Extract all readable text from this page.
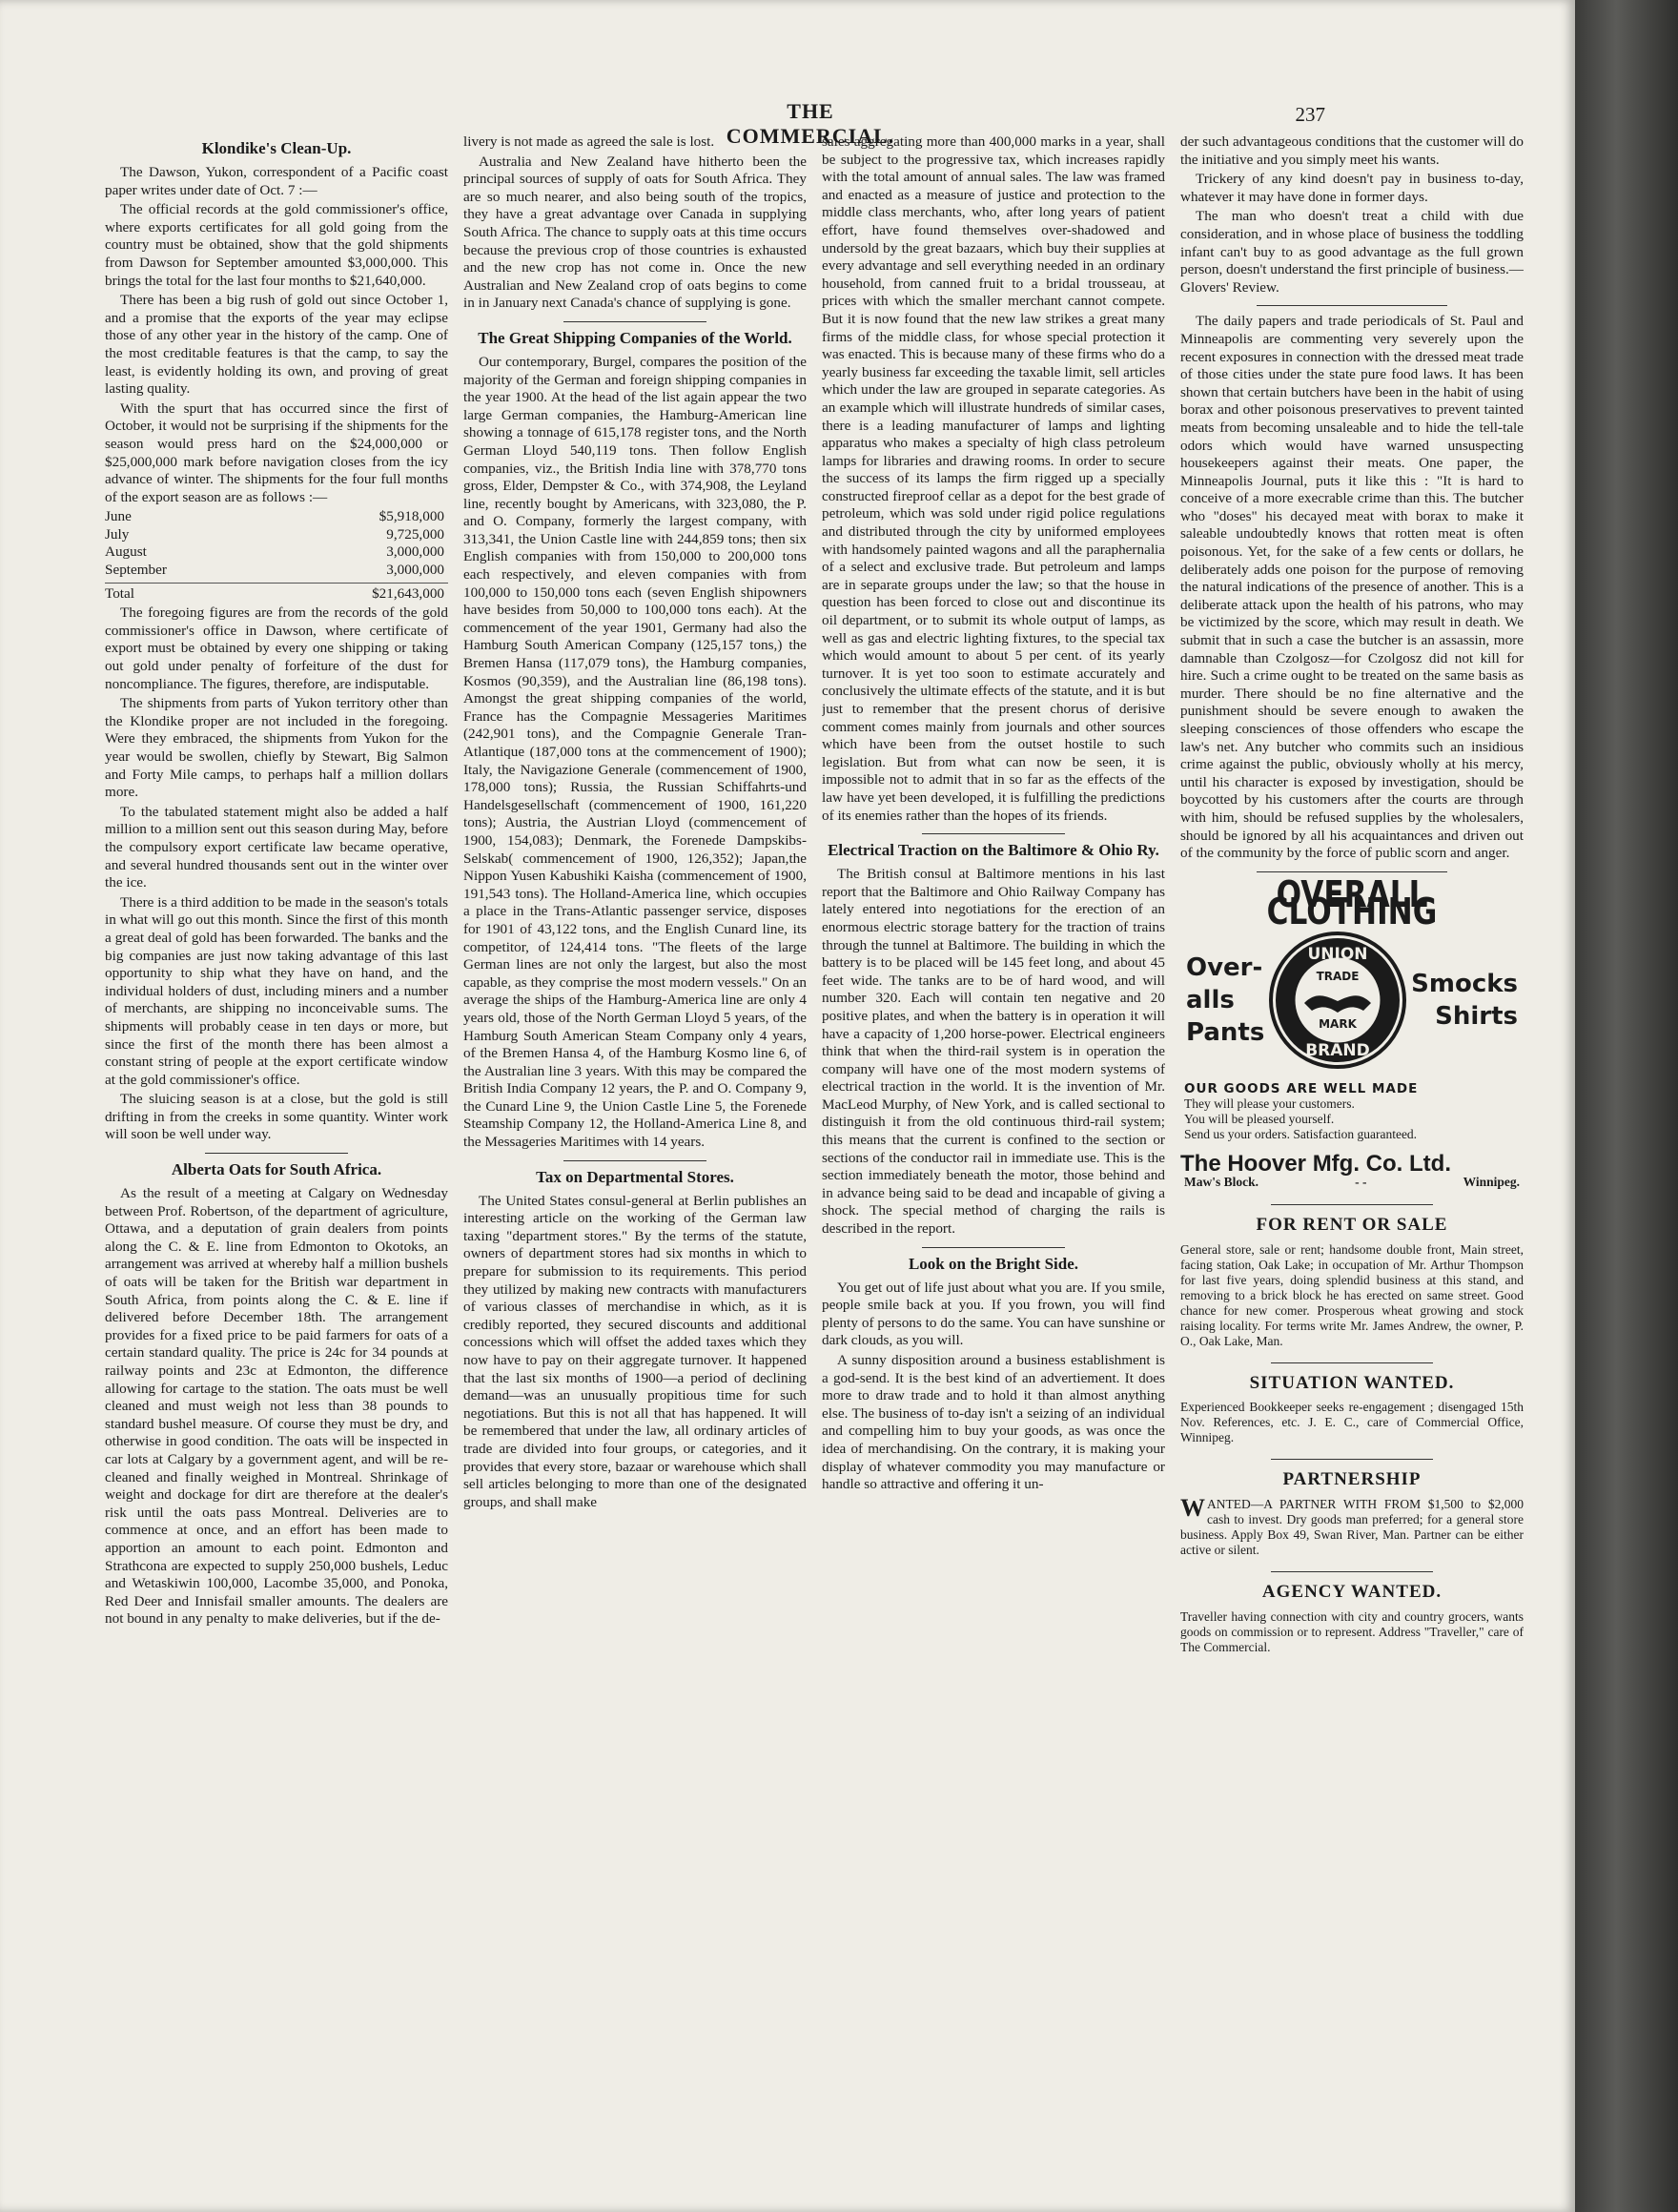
THE COMMERCIAL.
237
Klondike's Clean-Up.

The Dawson, Yukon, correspondent of a Pacific coast paper writes under date of Oct. 7 :—

The official records at the gold commissioner's office, where exports certificates for all gold going from the country must be obtained, show that the gold shipments from Dawson for September amounted $3,000,000. This brings the total for the last four months to $21,640,000.

There has been a big rush of gold out since October 1, and a promise that the exports of the year may eclipse those of any other year in the history of the camp. One of the most creditable features is that the camp, to say the least, is evidently holding its own, and proving of great lasting quality.

With the spurt that has occurred since the first of October, it would not be surprising if the shipments for the season would press hard on the $24,000,000 or $25,000,000 mark before navigation closes from the icy advance of winter. The shipments for the four full months of the export season are as follows :—

June	$5,918,000
July	9,725,000
August	3,000,000
September	3,000,000
Total	$21,643,000

The foregoing figures are from the records of the gold commissioner's office in Dawson, where certificate of export must be obtained by every one shipping or taking out gold under penalty of forfeiture of the dust for noncompliance. The figures, therefore, are indisputable.

The shipments from parts of Yukon territory other than the Klondike proper are not included in the foregoing. Were they embraced, the shipments from Yukon for the year would be swollen, chiefly by Stewart, Big Salmon and Forty Mile camps, to perhaps half a million dollars more.

To the tabulated statement might also be added a half million to a million sent out this season during May, before the compulsory export certificate law became operative, and several hundred thousands sent out in the winter over the ice.

There is a third addition to be made in the season's totals in what will go out this month. Since the first of this month a great deal of gold has been forwarded. The banks and the big companies are just now taking advantage of this last opportunity to ship what they have on hand, and the individual holders of dust, including miners and a number of merchants, are shipping no inconceivable sums. The shipments will probably cease in ten days or more, but since the first of the month there has been almost a constant string of people at the export certificate window at the gold commissioner's office.

The sluicing season is at a close, but the gold is still drifting in from the creeks in some quantity. Winter work will soon be well under way.

Alberta Oats for South Africa.

As the result of a meeting at Calgary on Wednesday between Prof. Robertson, of the department of agriculture, Ottawa, and a deputation of grain dealers from points along the C. & E. line from Edmonton to Okotoks, an arrangement was arrived at whereby half a million bushels of oats will be taken for the British war department in South Africa, from points along the C. & E. line if delivered before December 18th. The arrangement provides for a fixed price to be paid farmers for oats of a certain standard quality. The price is 24c for 34 pounds at railway points and 23c at Edmonton, the difference allowing for cartage to the station. The oats must be well cleaned and must weigh not less than 38 pounds to standard bushel measure. Of course they must be dry, and otherwise in good condition. The oats will be inspected in car lots at Calgary by a government agent, and will be re-cleaned and finally weighed in Montreal. Shrinkage of weight and dockage for dirt are therefore at the dealer's risk until the oats pass Montreal. Deliveries are to commence at once, and an effort has been made to apportion an amount to each point. Edmonton and Strathcona are expected to supply 250,000 bushels, Leduc and Wetaskiwin 100,000, Lacombe 35,000, and Ponoka, Red Deer and Innisfail smaller amounts. The dealers are not bound in any penalty to make deliveries, but if the de-

livery is not made as agreed the sale is lost.

Australia and New Zealand have hitherto been the principal sources of supply of oats for South Africa. They are so much nearer, and also being south of the tropics, they have a great advantage over Canada in supplying South Africa. The chance to supply oats at this time occurs because the previous crop of those countries is exhausted and the new crop has not come in. Once the new Australian and New Zealand crop of oats begins to come in in January next Canada's chance of supplying is gone.

The Great Shipping Companies of the World.

Our contemporary, Burgel, compares the position of the majority of the German and foreign shipping companies in the year 1900. At the head of the list again appear the two large German companies, the Hamburg-American line showing a tonnage of 615,178 register tons, and the North German Lloyd 540,119 tons. Then follow English companies, viz., the British India line with 378,770 tons gross, Elder, Dempster & Co., with 374,908, the Leyland line, recently bought by Americans, with 323,080, the P. and O. Company, formerly the largest company, with 313,341, the Union Castle line with 244,859 tons; then six English companies with from 150,000 to 200,000 tons each respectively, and eleven companies with from 100,000 to 150,000 tons each (seven English shipowners have besides from 50,000 to 100,000 tons each). At the commencement of the year 1901, Germany had also the Hamburg South American Company (125,157 tons,) the Bremen Hansa (117,079 tons), the Hamburg companies, Kosmos (90,359), and the Australian line (86,198 tons). Amongst the great shipping companies of the world, France has the Compagnie Messageries Maritimes (242,901 tons), and the Compagnie Generale Tran-Atlantique (187,000 tons at the commencement of 1900); Italy, the Navigazione Generale (commencement of 1900, 178,000 tons); Russia, the Russian Schiffahrts-und Handelsgesellschaft (commencement of 1900, 161,220 tons); Austria, the Austrian Lloyd (commencement of 1900, 154,083); Denmark, the Forenede Dampskibs-Selskab( commencement of 1900, 126,352); Japan,the Nippon Yusen Kabushiki Kaisha (commencement of 1900, 191,543 tons). The Holland-America line, which occupies a place in the Trans-Atlantic passenger service, disposes for 1901 of 43,122 tons, and the English Cunard line, its competitor, of 124,414 tons. "The fleets of the large German lines are not only the largest, but also the most capable, as they comprise the most modern vessels." On an average the ships of the Hamburg-America line are only 4 years old, those of the North German Lloyd 5 years, of the Hamburg South American Steam Company only 4 years, of the Bremen Hansa 4, of the Hamburg Kosmo line 6, of the Australian line 3 years. With this may be compared the British India Company 12 years, the P. and O. Company 9, the Cunard Line 9, the Union Castle Line 5, the Forenede Steamship Company 12, the Holland-America Line 8, and the Messageries Maritimes with 14 years.

Tax on Departmental Stores.

The United States consul-general at Berlin publishes an interesting article on the working of the German law taxing "department stores." By the terms of the statute, owners of department stores had six months in which to prepare for submission to its requirements. This period they utilized by making new contracts with manufacturers of various classes of merchandise in which, as it is credibly reported, they secured discounts and additional concessions which will offset the added taxes which they now have to pay on their aggregate turnover. It happened that the last six months of 1900—a period of declining demand—was an unusually propitious time for such negotiations. But this is not all that has happened. It will be remembered that under the law, all ordinary articles of trade are divided into four groups, or categories, and it provides that every store, bazaar or warehouse which shall sell articles belonging to more than one of the designated groups, and shall make

sales aggregating more than 400,000 marks in a year, shall be subject to the progressive tax, which increases rapidly with the total amount of annual sales. The law was framed and enacted as a measure of justice and protection to the middle class merchants, who, after long years of patient effort, have found themselves over-shadowed and undersold by the great bazaars, which buy their supplies at every advantage and sell everything needed in an ordinary household, from canned fruit to a bridal trousseau, at prices with which the smaller merchant cannot compete. But it is now found that the new law strikes a great many firms of the middle class, for whose special protection it was enacted. This is because many of these firms who do a yearly business far exceeding the taxable limit, sell articles which under the law are grouped in separate categories. As an example which will illustrate hundreds of similar cases, there is a leading manufacturer of lamps and lighting apparatus who makes a specialty of high class petroleum lamps for libraries and drawing rooms. In order to secure the success of its lamps the firm rigged up a specially constructed fireproof cellar as a depot for the best grade of petroleum, which was sold under rigid police regulations and distributed through the city by uniformed employees with handsomely painted wagons and all the paraphernalia of a select and exclusive trade. But petroleum and lamps are in separate groups under the law; so that the house in question has been forced to close out and discontinue its oil department, or to submit its whole output of lamps, as well as gas and electric lighting fixtures, to the special tax which would amount to about 5 per cent. of its yearly turnover. It is yet too soon to estimate accurately and conclusively the ultimate effects of the statute, and it is but just to remember that the present chorus of derisive comment comes mainly from journals and other sources which have been from the outset hostile to such legislation. But from what can now be seen, it is impossible not to admit that in so far as the effects of the law have yet been developed, it is fulfilling the predictions of its enemies rather than the hopes of its friends.

Electrical Traction on the Baltimore & Ohio Ry.

The British consul at Baltimore mentions in his last report that the Baltimore and Ohio Railway Company has lately entered into negotiations for the erection of an enormous electric storage battery for the traction of trains through the tunnel at Baltimore. The building in which the battery is to be placed will be 145 feet long, and about 45 feet wide. The tanks are to be of hard wood, and will number 320. Each will contain ten negative and 20 positive plates, and when the battery is in operation it will have a capacity of 1,200 horse-power. Electrical engineers think that when the third-rail system is in operation the company will have one of the most modern systems of electrical traction in the world. It is the invention of Mr. MacLeod Murphy, of New York, and is called sectional to distinguish it from the old continuous third-rail system; this means that the current is confined to the section or sections of the conductor rail in immediate use. This is the section immediately beneath the motor, those behind and in advance being said to be dead and incapable of giving a shock. The special method of charging the rails is described in the report.

Look on the Bright Side.

You get out of life just about what you are. If you smile, people smile back at you. If you frown, you will find plenty of persons to do the same. You can have sunshine or dark clouds, as you will.

A sunny disposition around a business establishment is a god-send. It is the best kind of an advertiement. It does more to draw trade and to hold it than almost anything else. The business of to-day isn't a seizing of an individual and compelling him to buy your goods, as was once the idea of merchandising. On the contrary, it is making your display of whatever commodity you may manufacture or handle so attractive and offering it un-

der such advantageous conditions that the customer will do the initiative and you simply meet his wants.

Trickery of any kind doesn't pay in business to-day, whatever it may have done in former days.

The man who doesn't treat a child with due consideration, and in whose place of business the toddling infant can't buy to as good advantage as the full grown person, doesn't understand the first principle of business.—Glovers' Review.

The daily papers and trade periodicals of St. Paul and Minneapolis are commenting very severely upon the recent exposures in connection with the dressed meat trade of those cities under the state pure food laws. It has been shown that certain butchers have been in the habit of using borax and other poisonous preservatives to prevent tainted meats from becoming unsaleable and to hide the tell-tale odors which would have warned unsuspecting housekeepers against their meats. One paper, the Minneapolis Journal, puts it like this : "It is hard to conceive of a more execrable crime than this. The butcher who "doses" his decayed meat with borax to make it saleable undoubtedly knows that rotten meat is often poisonous. Yet, for the sake of a few cents or dollars, he deliberately adds one poison for the purpose of removing the natural indications of the presence of another. This is a deliberate attack upon the health of his patrons, who may be victimized by the score, which may result in death. We submit that in such a case the butcher is an assassin, more damnable than Czolgosz—for Czolgosz did not kill for hire. Such a crime ought to be treated on the same basis as murder. There should be no fine alternative and the punishment should be severe enough to awaken the sleeping consciences of those offenders who escape the law's net. Any butcher who commits such an insidious crime against the public, obviously wholly at his mercy, until his character is exposed by investigation, should be boycotted by his customers after the courts are through with him, should be refused supplies by the wholesalers, should be ignored by all his acquaintances and driven out of the community by the force of public scorn and anger.

OVERALL CLOTHING
Over-
alls
Pants
UNION
BRAND
TRADE
MARK
Smocks
Shirts
OUR GOODS ARE WELL MADE
They will please your customers.
You will be pleased yourself.
Send us your orders. Satisfaction guaranteed.
The Hoover Mfg. Co. Ltd.
Maw's Block.	- -	Winnipeg.
FOR RENT OR SALE
General store, sale or rent; handsome double front, Main street, facing station, Oak Lake; in occupation of Mr. Arthur Thompson for last five years, doing splendid business at this stand, and removing to a brick block he has erected on same street. Good chance for new comer. Prosperous wheat growing and stock raising locality. For terms write Mr. James Andrew, the owner, P. O., Oak Lake, Man.
SITUATION WANTED.
Experienced Bookkeeper seeks re-engagement ; disengaged 15th Nov. References, etc. J. E. C., care of Commercial Office, Winnipeg.
PARTNERSHIP
WANTED—A PARTNER WITH FROM $1,500 to $2,000 cash to invest. Dry goods man preferred; for a general store business. Apply Box 49, Swan River, Man. Partner can be either active or silent.
AGENCY WANTED.
Traveller having connection with city and country grocers, wants goods on commission or to represent. Address "Traveller," care of The Commercial.
